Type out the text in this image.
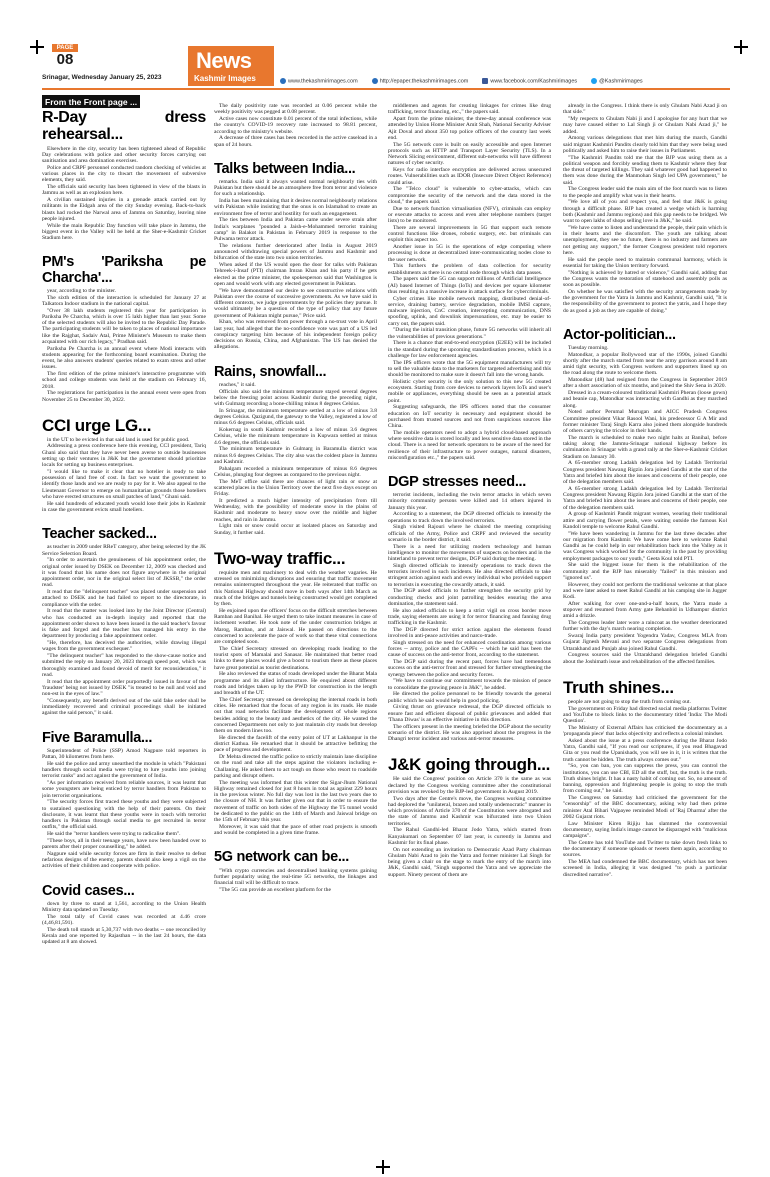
PAGE
08
Srinagar, Wednesday January 25, 2023
News
Kashmir Images	www.thekashmirimages.com	http://epaper.thekashmirimages.com	www.facebook.com/Kashmirimages	@Kashmirimages
From the Front page ...
R-Day dress rehearsal...

Elsewhere in the city, security has been tightened ahead of Republic Day celebrations with police and other security forces carrying out sanitisation and area domination exercises.

Police and CRPF personnel conducted random checking of vehicles at various places in the city to thwart the movement of subversive elements, they said.

The officials said security has been tightened in view of the blasts in Jammu as well as an explosion here.

A civilian sustained injuries in a grenade attack carried out by militants in the Eidgah area of the city Sunday evening. Back-to-back blasts had rocked the Narwal area of Jammu on Saturday, leaving nine people injured.

While the main Republic Day function will take place in Jammu, the biggest event in the Valley will be held at the Sher-e-Kashmir Cricket Stadium here.

PM's 'Pariksha pe Charcha'...

year, according to the minister.

The sixth edition of the interaction is scheduled for January 27 at Talkatora Indoor stadium in the national capital.

"Over 38 lakh students registered this year for participation in Pariksha Pe Charcha, which is over 15 lakh higher than last year. Some of the selected students will also be invited to the Republic Day Parade. The participating students will be taken to places of national importance like the Rajghat, Sadaiv Atal, Prime Minister's Museum to make them acquainted with our rich legacy," Pradhan said.

Pariksha Pe Charcha is an annual event where Modi interacts with students appearing for the forthcoming board examination. During the event, he also answers students' queries related to exam stress and other issues.

The first edition of the prime minister's interactive programme with school and college students was held at the stadium on February 16, 2018.

The registrations for participation in the annual event were open from November 25 to December 30, 2022.

CCI urge LG...

in the UT to be evicted in that said land is used for public good.

Addressing a press conference here this evening, CCI president, Tariq Ghani also said that they have never been averse to outside businesses setting up their ventures in J&K but the government should prioritize locals for setting up business enterprises.

"I would like to make it clear that no hotelier is ready to take possession of land free of cost. In fact we want the government to identify those lands and we are ready to pay for it. We also appeal to the Lieutenant Governor to emerge on humanitarian grounds those hoteliers who have erected structures on small patches of land," Ghani said.

He said hundreds of educated youth would lose their jobs in Kashmir in case the government evicts small hoteliers.

Teacher sacked...

as teacher in 2009 under RReT category, after being selected by the JK Service Selection Board.

"In order to ascertain the genuineness of his appointment order, the original order issued by DSEK on December 12, 2009 was checked and it was found that his name does not figure anywhere in the original appointment order, nor in the original select list of JKSSB," the order read.

It read that the "delinquent teacher" was placed under suspension and attached to DSEK and he had failed to report to the directorate, in compliance with the order.

It read that the matter was looked into by the Joint Director (Central) who has conducted an in-depth inquiry and reported that the appointment order shown to have been issued in the said teacher's favour is fake and forged and the teacher has managed his entry in the department by producing a fake appointment order.

"He, therefore, has deceived the authorities, while drawing illegal wages from the government exchequer."

"The delinquent teacher" has responded to the show-cause notice and submitted the reply on January 20, 2023 through speed post, which was thoroughly examined and found devoid of merit for reconsideration," it read.

It read that the appointment order purportedly issued in favour of the 'fraudster' being not issued by DSEK "is treated to be null and void and non-est in the eyes of law."

"Consequently, any benefit derived out of the said fake order shall be immediately recovered and criminal proceedings shall be initiated against the said person," it said.

Five Baramulla...

Superintendent of Police (SSP) Amod Nagpure told reporters in Pattan, 30 kilometres from here.

He said the police and army unearthed the module in which "Pakistani handlers through social media were trying to lure youths into joining terrorist ranks" and act against the government of India.

"As per information received from reliable sources, it was learnt that some youngsters are being enticed by terror handlers from Pakistan to join terrorist organisations.

"The security forces first traced these youths and they were subjected to sustained questioning with the help of their parents. On their disclosure, it was learnt that these youths were in touch with terrorist handlers in Pakistan through social media to get recruited in terror outfits," the official said.

He said the "terror handlers were trying to radicalise them".

"These boys, all in their teenage years, have now been handed over to parents after their proper counselling," he added.

Nagpure said while security forces are firm in their resolve to defeat nefarious designs of the enemy, parents should also keep a vigil on the activities of their children and cooperate with police.

Covid cases...

down by three to stand at 1,561, according to the Union Health Ministry data updated on Tuesday.

The total tally of Covid cases was recorded at 4.46 crore (4,46,81,591).

The death toll stands at 5,30,737 with two deaths -- one reconciled by Kerala and one reported by Rajasthan -- in the last 24 hours, the data updated at 8 am showed.

The daily positivity rate was recorded at 0.06 percent while the weekly positivity was pegged at 0.08 percent.

Active cases now constitute 0.01 percent of the total infections, while the country's COVID-19 recovery rate increased to 98.81 percent, according to the ministry's website.

A decrease of three cases has been recorded in the active caseload in a span of 24 hours.

Talks between India...

remarks. India said it always wanted normal neighbourly ties with Pakistan but there should be an atmosphere free from terror and violence for such a relationship.

India has been maintaining that it desires normal neighbourly relations with Pakistan while insisting that the onus is on Islamabad to create an environment free of terror and hostility for such an engagement.

The ties between India and Pakistan came under severe strain after India's warplanes "pounded a Jaish-e-Mohammed terrorist training camp" in Balakot in Pakistan in February 2019 in response to the Pulwama terror attack.

The relations further deteriorated after India in August 2019 announced withdrawing special powers of Jammu and Kashmir and bifurcation of the state into two union territories.

When asked if the US would open the door for talks with Pakistan Tehreek-i-Insaf (PTI) chairman Imran Khan and his party if he gets elected as the prime minister, the spokesperson said that Washington is open and would work with any elected government in Pakistan.

"We have demonstrated our desire to see constructive relations with Pakistan over the course of successive governments. As we have said in different contexts, we judge governments by the policies they pursue. It would ultimately be a question of the type of policy that any future government of Pakistan might pursue," Price said.

Khan, who was removed from power through a no-trust vote in April last year, had alleged that the no-confidence vote was part of a US led conspiracy targeting him because of his independent foreign policy decisions on Russia, China, and Afghanistan. The US has denied the allegations.

Rains, snowfall...

reaches," it said.

Officials also said the minimum temperature stayed several degrees below the freezing point across Kashmir during the preceding night, with Gulmarg recording a bone-chilling minus 8 degrees Celsius.

In Srinagar, the minimum temperature settled at a low of minus 3.8 degrees Celsius. Qazigund, the gateway to the Valley, registered a low of minus 6.6 degrees Celsius, officials said.

Kokernag in south Kashmir recorded a low of minus 3.6 degrees Celsius, while the minimum temperature in Kupwara settled at minus 4.6 degrees, the officials said.

The minimum temperature in Gulmarg in Baramulla district was minus 8.6 degrees Celsius. The city also was the coldest place in Jammu and Kashmir.

Pahalgam recorded a minimum temperature of minus 8.6 degrees Celsius, plunging four degrees as compared to the previous night.

The MeT office said there are chances of light rain or snow at scattered places in the Union Territory over the next five days except on Friday.

It predicted a much higher intensity of precipitation from till Wednesday, with the possibility of moderate snow in the plains of Kashmir and moderate to heavy snow over the middle and higher reaches, and rain in Jammu.

Light rain or snow could occur at isolated places on Saturday and Sunday, it further said.

Two-way traffic...

requisite men and machinery to deal with the weather vagaries. He stressed on minimizing disruptions and ensuring that traffic movement remains uninterrupted throughout the year. He reiterated that traffic on this National Highway should move in both ways after 14th March as much of the bridges and tunnels being constructed would get completed by then.

He enjoined upon the officers' focus on the difficult stretches between Ramban and Banihal. He urged them to take instant measures in case of inclement weather. He took note of the under construction bridges at Marog, Ramban, and at Jaiswal. He passed on directions to the concerned to accelerate the pace of work so that these vital connections are completed soon.

The Chief Secretary stressed on developing roads leading to the tourist spots of Mamalai and Sanasar. He maintained that better road links to these places would give a boost to tourism there as these places have great potential as tourist destinations.

He also reviewed the status of roads developed under the Bharat Mala programme and its allied infrastructure. He enquired about different roads and bridges taken up by the PWD for construction in the length and breadth of the UT.

The Chief Secretary stressed on developing the internal roads in both cities. He remarked that the focus of any region is its roads. He made out that road networks facilitate the development of whole regions besides adding to the beauty and aesthetics of the city. He wanted the concerned Departments not only to just maintain city roads but develop them on modern lines too.

He directed the facelift of the entry point of UT at Lakhanpur in the district Kathua. He remarked that it should be attractive befitting the pace of progress and development.

Dr Mehta directed the traffic police to strictly maintain lane discipline on the road and take all the steps against the violators including e-Challaning. He asked them to act tough on those who resort to roadside parking and disrupt others.

The meeting was informed that this winter the Sigar-Jhum National Highway remained closed for just 8 hours in total as against 229 hours in the previous winter. No full day was lost in the last two years due to the closure of NH. It was further given out that in order to ensure the movement of traffic on both sides of the Highway the T5 tunnel would be dedicated to the public on the 14th of March and Jaiswal bridge on the 15th of February this year.

Moreover, it was said that the pace of other road projects is smooth and would be completed in a given time frame.

5G network can be...

"With crypto currencies and decentralised banking systems gaining further popularity using the real-time 5G networks, the linkages and financial trail will be difficult to trace.

"The 5G can provide an excellent platform for the

middlemen and agents for creating linkages for crimes like drug trafficking, terror financing, etc.," the papers said.

Apart from the prime minister, the three-day annual conference was attended by Union Home Minister Amit Shah, National Security Adviser Ajit Doval and about 350 top police officers of the country last week end.

The 5G network core is built on easily accessible and open Internet protocols such as HTTP and Transport Layer Security (TLS). In a Network Slicing environment, different sub-networks will have different natures of cyber security.

Keys for radio interface encryption are delivered across unsecured routes. Vulnerabilities such as IDOR (Insecure Direct Object Reference) could arise.

The "Telco cloud" is vulnerable to cyber-attacks, which can compromise the security of the network and the data stored in the cloud," the papers said.

Due to network function virtualisation (NFV), criminals can employ or execute attacks to access and even alter telephone numbers (target lists) to be monitored.

There are several improvements in 5G that support such remote control functions like drones, robotic surgery, etc. but criminals can exploit this aspect too.

Another issue in 5G is the operations of edge computing where processing is done at decentralized inter-communicating nodes close to the user network.

This furthers the problem of data collection for security establishments as there is no central node through which data passes.

The papers said the 5G can support millions of Artificial Intelligence (AI) based Internet of Things (IoTs) and devices per square kilometer thus resulting in a massive increase in attack surface for cybercriminals.

Cyber crimes like mobile network mapping, distributed denial-of-service, draining battery, service degradation, mobile IMSI capture, malware injection, CnC creation, intercepting communication, DNS spoofing, uplink, and downlink impersonations, etc. may be easier to carry out, the papers said.

"During the initial transition phase, future 5G networks will inherit all the vulnerabilities of previous generations."

There is a chance that end-to-end encryption (E2EE) will be included in the standard during the upcoming standardisation process, which is a challenge for law enforcement agencies.

The IPS officers wrote that the 5G equipment manufacturers will try to sell the valuable data to the marketers for targeted advertising and this should be monitored to make sure it doesn't fall into the wrong hands.

Holistic cyber security is the only solution to this new 5G created ecosystem. Starting from core devices to network layers IoTs and user's mobile or appliances, everything should be seen as a potential attack point.

Suggesting safeguards, the IPS officers noted that the consumer education on IoT security is necessary and equipment should be purchased from trusted sources and not from suspicious sources like China.

The mobile operators need to adopt a hybrid cloud-based approach where sensitive data is stored locally and less sensitive data stored in the cloud. There is a need for network operators to be aware of the need for resilience of their infrastructure to power outages, natural disasters, misconfiguration etc.," the papers said.

DGP stresses need...

terrorist incidents, including the twin terror attacks in which seven minority community persons were killed and 14 others injured in January this year.

According to a statement, the DGP directed officials to intensify the operations to track down the involved terrorists.

Singh visited Rajouri where he chaired the meeting comprising officials of the Army, Police and CRPF and reviewed the security scenario in the border district, it said.

There is a need for utilizing modern technology and human intelligence to monitor the movements of suspects on borders and in the hinterland to prevent terror designs, DGP said during the meeting.

Singh directed officials to intensify operations to track down the terrorists involved in such incidents. He also directed officials to take stringent action against each and every individual who provided support to terrorists in executing the cowardly attack, it said.

The DGP asked officials to further strengthen the security grid by conducting checks and joint patrolling besides ensuring the area domination, the statement said.

He also asked officials to keep a strict vigil on cross border move trade, saying elements are using it for terror financing and fanning drug trafficking in the Kashmir.

The DGP directed for strict action against the elements found involved in anti-peace activities and narco-trade.

Singh stressed on the need for enhanced coordination among various forces -- army, police and the CAPFs -- which he said has been the cause of success on the anti-terror front, according to the statement.

The DGP said during the recent past, forces have had tremendous success on the anti-terror front and stressed for further strengthening the synergy between the police and security forces.

"We have to continue our commitment towards the mission of peace to consolidate the growing peace in J&K", he added.

He directed the police personnel to be friendly towards the general public which he said would help in good policing.

Giving thrust on grievance redressal, the DGP directed officials to ensure fast and efficient disposal of public grievances and added that 'Thana Diwas' is an effective initiative in this direction.

The officers present in the meeting briefed the DGP about the security scenario of the district. He was also apprised about the progress in the Dhangri terror incident and various anti-terror measures.

J&K going through...

He said the Congress' position on Article 370 is the same as was declared by the Congress working committee after the constitutional provision was revoked by the BJP-led government in August 2019.

Two days after the Centre's move, the Congress working committee had deplored the "unilateral, brazen and totally undemocratic" manner in which provisions of Article 370 of the Constitution were abrogated and the state of Jammu and Kashmir was bifurcated into two Union territories.

The Rahul Gandhi-led Bharat Jodo Yatra, which started from Kanyakumari on September 07 last year, is currently in Jammu and Kashmir for its final phase.

On not extending an invitation to Democratic Azad Party chairman Ghulam Nabi Azad to join the Yatra and former minister Lal Singh for being given a chair on the stage to mark the entry of the march into J&K, Gandhi said, "Singh supported the Yatra and we appreciate the support. Ninety percent of them are

already in the Congress. I think there is only Ghulam Nabi Azad ji on that side."

"My respects to Ghulam Nabi ji and I apologise for any hurt that we may have caused either to Lal Singh ji or Ghulam Nabi Azad ji," he added.

Among various delegations that met him during the march, Gandhi said migrant Kashmiri Pandits clearly told him that they were being used politically and asked him to raise their issues in Parliament.

"The Kashmiri Pandits told me that the BJP was using them as a political weapon and forcibly sending them to Kashmir where they fear the threat of targeted killings. They said whatever good had happened to them was done during the Manmohan Singh led UPA government," he said.

The Congress leader said the main aim of the foot march was to listen to the people and amplify what was in their hearts.

"We love all of you and respect you, and feel that J&K is going through a difficult phase. BJP has created a wedge which is harming both (Kashmir and Jammu regions) and this gap needs to be bridged. We want to open lakhs of shops selling love in J&K," he said.

"We have come to listen and understand the people, their pain which is in their hearts and the discomfort. The youth are talking about unemployment, they see no future, there is no industry and farmers are not getting any support," the former Congress president told reporters here.

He said the people need to maintain communal harmony, which is essential for taking the Union territory forward.

"Nothing is achieved by hatred or violence," Gandhi said, adding that the Congress wants the restoration of statehood and assembly polls as soon as possible.

On whether he was satisfied with the security arrangements made by the government for the Yatra in Jammu and Kashmir, Gandhi said, "It is the responsibility of the government to protect the yatris, and I hope they do as good a job as they are capable of doing."

Actor-politician...

Tuesday morning.

Matondkar, a popular Bollywood star of the 1990s, joined Gandhi shortly after the march started from near the army garrison around 8 am amid tight security, with Congress workers and supporters lined up on the road along the route to welcome them.

Matondkar (48) had resigned from the Congress in September 2019 after a short association of six months, and joined the Shiv Sena in 2020.

Dressed in a cream-coloured traditional Kashmiri Pheran (loose gown) and beanie cap, Matondkar was interacting with Gandhi as they marched along.

Noted author Perumal Murugan and AICC Pradesh Congress Committee president Vikar Rasool Wani, his predecessor G A Mir and former minister Taraj Singh Karra also joined them alongside hundreds of others carrying the tricolor in their hands.

The march is scheduled to make two night halts at Banihal, before taking along the Jammu-Srinagar national highway before its culmination in Srinagar with a grand rally at the Sher-e-Kashmir Cricket Stadium on January 30.

A 65-member strong Ladakh delegation led by Ladakh Territorial Congress president Nawang Rigzin Jora joined Gandhi at the start of the Yatra and briefed him about the issues and concerns of their people, one of the delegation members said.

A 65-member strong Ladakh delegation led by Ladakh Territorial Congress president Nawang Rigzin Jora joined Gandhi at the start of the Yatra and briefed him about the issues and concerns of their people, one of the delegation members said.

A group of Kashmiri Pandit migrant women, wearing their traditional attire and carrying flower petals, were waiting outside the famous Kol Kandoli temple to welcome Rahul Gandhi.

"We have been wandering in Jammu for the last three decades after our migration from Kashmir. We have come here to welcome Rahul Gandhi as he could help in our rehabilitation back into the Valley as it was Congress which worked for the community in the past by providing employment packages to our youth," Geeta Koul told PTI.

She said the biggest issue for them is the rehabilitation of the community and the BJP has miserably "failed" in this mission and "ignored us".

However, they could not perform the traditional welcome at that place and were later asked to meet Rahul Gandhi at his camping site in Jugger Kodi.

After walking for over one-and-a-half hours, the Yatra made a stopover and resumed from Army gate Behanbid in Udhampur district amid a drizzle.

The Congress leader later wore a raincoat as the weather deteriorated further with the day's march nearing completion.

Swaraj India party president Yogendra Yadav, Congress MLA from Gujarat Jignesh Mevani and two separate Congress delegations from Uttarakhand and Punjab also joined Rahul Gandhi.

Congress sources said the Uttarakhand delegation briefed Gandhi about the Joshimath issue and rehabilitation of the affected families.

Truth shines...

people are not going to stop the truth from coming out.

The government on Friday had directed social media platforms Twitter and YouTube to block links to the documentary titled 'India: The Modi Question'.

The Ministry of External Affairs has criticised the documentary as a 'propaganda piece' that lacks objectivity and reflects a colonial mindset.

Asked about the issue at a press conference during the Bharat Jodo Yatra, Gandhi said, "If you read our scriptures, if you read Bhagavad Gita or you read the Upanishads, you will see in it, it is written that the truth cannot be hidden. The truth always comes out."

"So, you can ban, you can suppress the press, you can control the institutions, you can use CBI, ED all the stuff, but, the truth is the truth. Truth shines bright. It has a nasty habit of coming out. So, no amount of banning, oppression and frightening people is going to stop the truth from coming out," he said.

The Congress on Saturday had criticised the government for the "censorship" of the BBC documentary, asking why had then prime minister Atal Bihari Vajpayee reminded Modi of 'Raj Dharma' after the 2002 Gujarat riots.

Law Minister Kiren Rijiju has slammed the controversial documentary, saying India's image cannot be disparaged with "malicious campaigns".

The Centre has told YouTube and Twitter to take down fresh links to the documentary if someone uploads or tweets them again, according to sources.

The MEA had condemned the BBC documentary, which has not been screened in India, alleging it was designed "to push a particular discredited narrative".
